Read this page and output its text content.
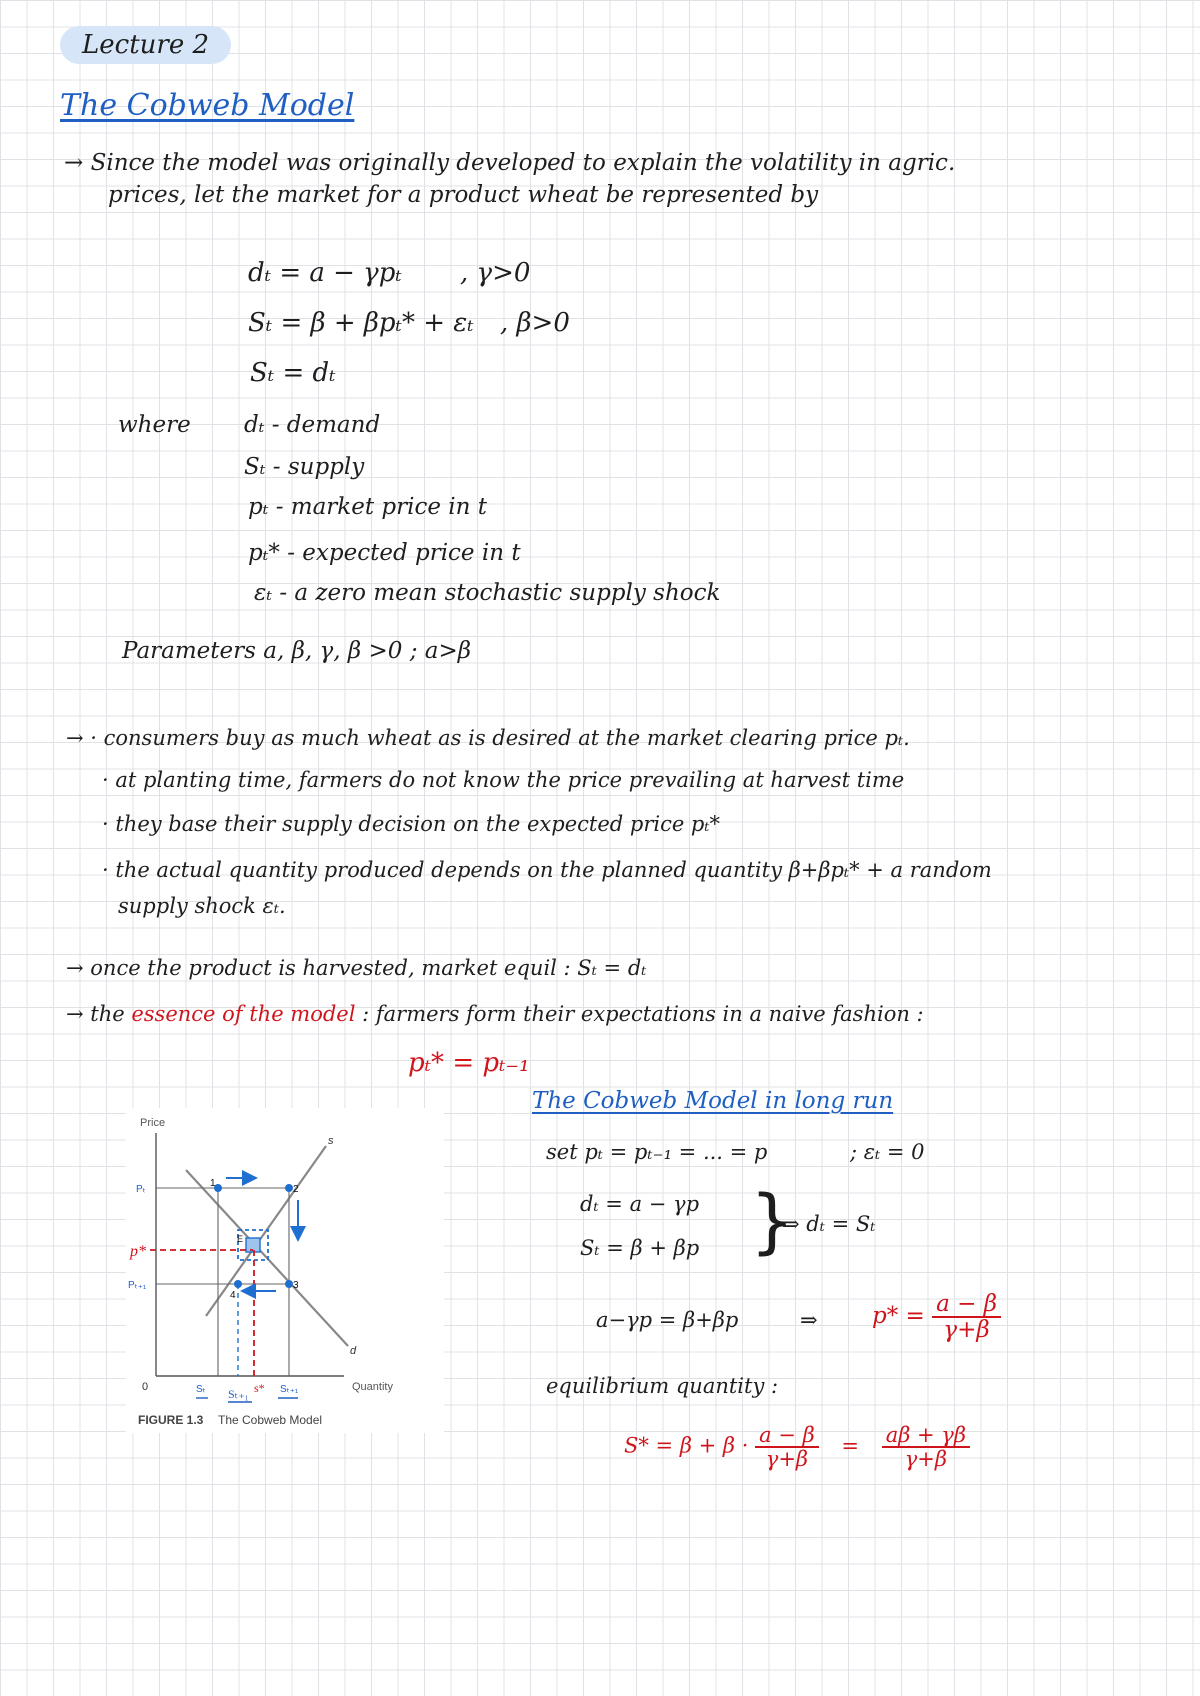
Lecture 2
The Cobweb Model
→ Since the model was originally developed to explain the volatility in agric.
prices, let the market for a product wheat be represented by
dₜ = a − γpₜ , γ>0
Sₜ = β + βpₜ* + εₜ , β>0
Sₜ = dₜ
where dₜ - demand
Sₜ - supply
pₜ - market price in t
pₜ* - expected price in t
εₜ - a zero mean stochastic supply shock
Parameters a, β, γ, β >0 ; a>β
→ · consumers buy as much wheat as is desired at the market clearing price pₜ.
· at planting time, farmers do not know the price prevailing at harvest time
· they base their supply decision on the expected price pₜ*
· the actual quantity produced depends on the planned quantity β+βpₜ* + a random
supply shock εₜ.
→ once the product is harvested, market equil : Sₜ = dₜ
→ the essence of the model : farmers form their expectations in a naive fashion :
pₜ* = pₜ₋₁
Price
Quantity
0
s
d
Pₜ
p*
Pₜ₊₁
1
2
3
4
E
Sₜ Sₜ₊₁ s* Sₜ₊₁
FIGURE 1.3 The Cobweb Model
The Cobweb Model in long run
set pₜ = pₜ₋₁ = ... = p	; εₜ = 0
dₜ = a − γp
Sₜ = β + βp }
⇒ dₜ = Sₜ
a−γp = β+βp	⇒ $p* = \frac{a - \beta}{\gamma+\beta}$
equilibrium quantity :
$S* = \beta + \beta \cdot \frac{a - \beta}{\gamma+\beta} = \frac{a\beta + \gamma\beta}{\gamma+\beta}$
